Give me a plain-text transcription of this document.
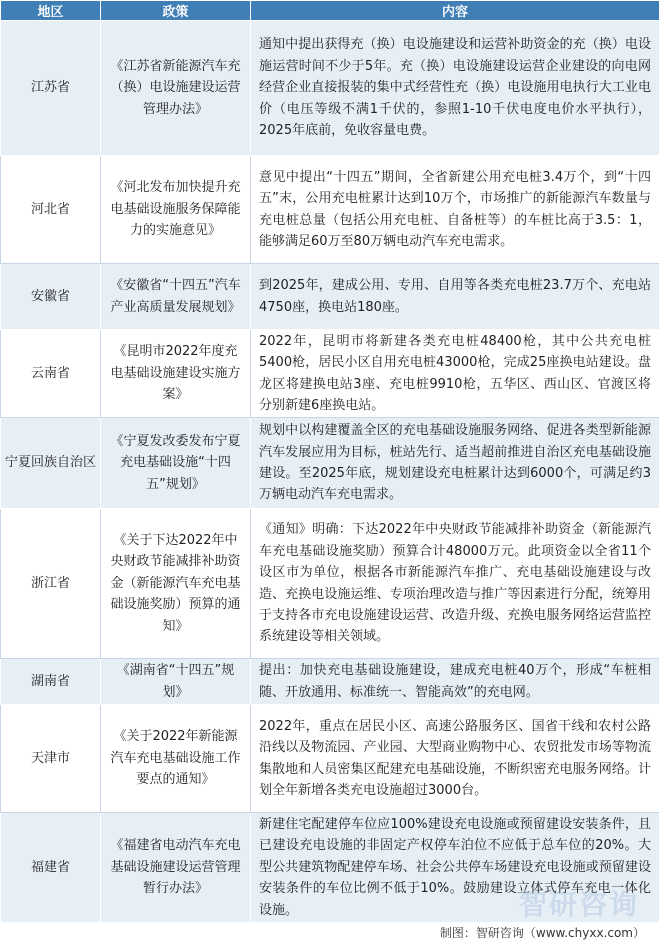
地区	政策	内容
江苏省	《江苏省新能源汽车充（换）电设施建设运营管理办法》	通知中提出获得充（换）电设施建设和运营补助资金的充（换）电设施运营时间不少于5年。充（换）电设施建设运营企业建设的向电网经营企业直接报装的集中式经营性充（换）电设施用电执行大工业电价（电压等级不满1千伏的，参照1-10千伏电度电价水平执行），2025年底前，免收容量电费。
河北省	《河北发布加快提升充电基础设施服务保障能力的实施意见》	意见中提出“十四五”期间，全省新建公用充电桩3.4万个，到“十四五”末，公用充电桩累计达到10万个，市场推广的新能源汽车数量与充电桩总量（包括公用充电桩、自备桩等）的车桩比高于3.5：1，能够满足60万至80万辆电动汽车充电需求。
安徽省	《安徽省“十四五”汽车产业高质量发展规划》	到2025年，建成公用、专用、自用等各类充电桩23.7万个、充电站4750座，换电站180座。
云南省	《昆明市2022年度充电基础设施建设实施方案》	2022年，昆明市将新建各类充电桩48400枪，其中公共充电桩5400枪，居民小区自用充电桩43000枪，完成25座换电站建设。盘龙区将建换电站3座、充电桩9910枪，五华区、西山区、官渡区将分别新建6座换电站。
宁夏回族自治区	《宁夏发改委发布宁夏充电基础设施“十四五”规划》	规划中以构建覆盖全区的充电基础设施服务网络、促进各类型新能源汽车发展应用为目标，桩站先行、适当超前推进自治区充电基础设施建设。至2025年底，规划建设充电桩累计达到6000个，可满足约3万辆电动汽车充电需求。
浙江省	《关于下达2022年中央财政节能减排补助资金（新能源汽车充电基础设施奖励）预算的通知》	《通知》明确：下达2022年中央财政节能减排补助资金（新能源汽车充电基础设施奖励）预算合计48000万元。此项资金以全省11个设区市为单位，根据各市新能源汽车推广、充电基础设施建设与改造、充换电设施运维、专项治理改造与推广等因素进行分配，统筹用于支持各市充电设施建设运营、改造升级、充换电服务网络运营监控系统建设等相关领域。
湖南省	《湖南省“十四五”规划》	提出：加快充电基础设施建设，建成充电桩40万个，形成“车桩相随、开放通用、标准统一、智能高效”的充电网。
天津市	《关于2022年新能源汽车充电基础设施工作要点的通知》	2022年，重点在居民小区、高速公路服务区、国省干线和农村公路沿线以及物流园、产业园、大型商业购物中心、农贸批发市场等物流集散地和人员密集区配建充电基础设施，不断织密充电服务网络。计划全年新增各类充电设施超过3000台。
福建省	《福建省电动汽车充电基础设施建设运营管理暂行办法》	新建住宅配建停车位应100%建设充电设施或预留建设安装条件，且已建设充电设施的非固定产权停车泊位不应低于总车位的20%。大型公共建筑物配建停车场、社会公共停车场建设充电设施或预留建设安装条件的车位比例不低于10%。鼓励建设立体式停车充电一体化设施。
制图：智研咨询（www.chyxx.com）
